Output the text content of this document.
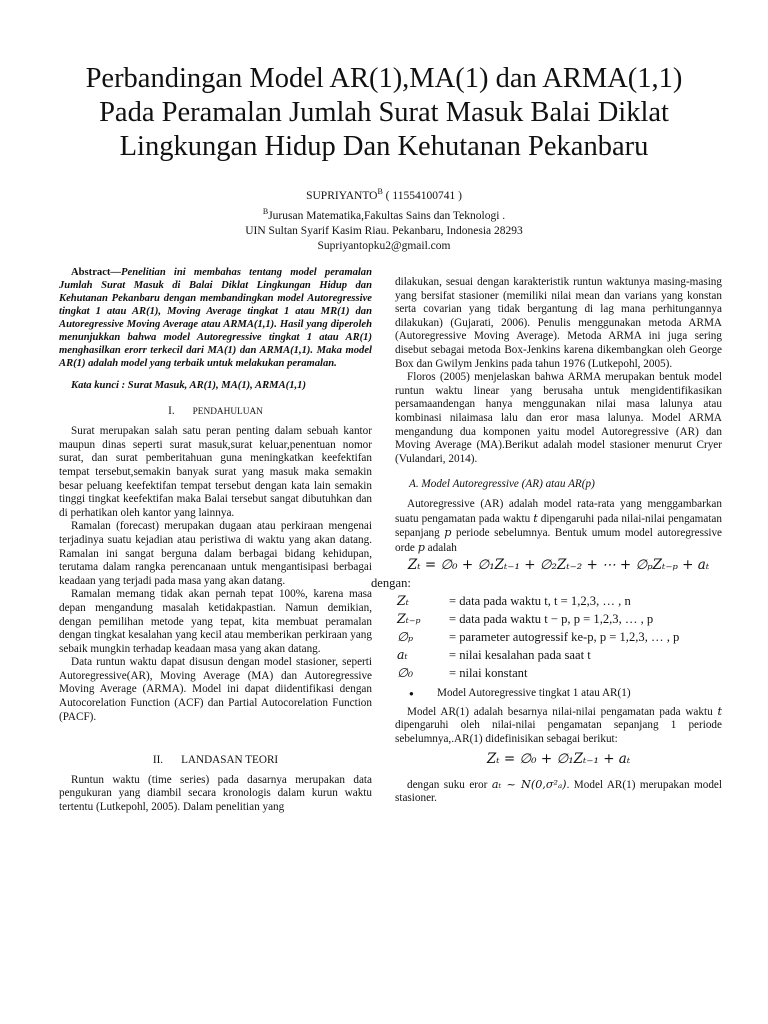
Perbandingan Model AR(1),MA(1) dan ARMA(1,1)
Pada Peramalan Jumlah Surat Masuk Balai Diklat
Lingkungan Hidup Dan Kehutanan Pekanbaru
$SUPRIYANTO^B$ ( 11554100741 )
$^B$Jurusan Matematika,Fakultas Sains dan Teknologi .
UIN Sultan Syarif Kasim Riau. Pekanbaru, Indonesia 28293
Supriyantopku2@gmail.com

Abstract—Penelitian ini membahas tentang model peramalan Jumlah Surat Masuk di Balai Diklat Lingkungan Hidup dan Kehutanan Pekanbaru dengan membandingkan model Autoregressive tingkat 1 atau AR(1), Moving Average tingkat 1 atau MR(1) dan Autoregressive Moving Average atau ARMA(1,1). Hasil yang diperoleh menunjukkan bahwa model Autoregressive tingkat 1 atau AR(1) menghasilkan erorr terkecil dari MA(1) dan ARMA(1,1). Maka model AR(1) adalah model yang terbaik untuk melakukan peramalan.

Kata kunci : Surat Masuk, AR(1), MA(1), ARMA(1,1)

I. PENDAHULUAN

Surat merupakan salah satu peran penting dalam sebuah kantor maupun dinas seperti surat masuk,surat keluar,penentuan nomor surat, dan surat pemberitahuan guna meningkatkan keefektifan tempat tersebut,semakin banyak surat yang masuk maka semakin besar peluang keefektifan tempat tersebut dengan kata lain semakin tinggi tingkat keefektifan maka Balai tersebut sangat dibutuhkan dan di perhatikan oleh kantor yang lainnya.

Ramalan (forecast) merupakan dugaan atau perkiraan mengenai terjadinya suatu kejadian atau peristiwa di waktu yang akan datang. Ramalan ini sangat berguna dalam berbagai bidang kehidupan, terutama dalam rangka perencanaan untuk mengantisipasi berbagai keadaan yang terjadi pada masa yang akan datang.

Ramalan memang tidak akan pernah tepat 100%, karena masa depan mengandung masalah ketidakpastian. Namun demikian, dengan pemilihan metode yang tepat, kita membuat peramalan dengan tingkat kesalahan yang kecil atau memberikan perkiraan yang sebaik mungkin terhadap keadaan masa yang akan datang.

Data runtun waktu dapat disusun dengan model stasioner, seperti Autoregressive(AR), Moving Average (MA) dan Autoregressive Moving Average (ARMA). Model ini dapat diidentifikasi dengan Autocorelation Function (ACF) dan Partial Autocorelation Function (PACF).

II. LANDASAN TEORI

Runtun waktu (time series) pada dasarnya merupakan data pengukuran yang diambil secara kronologis dalam kurun waktu tertentu (Lutkepohl, 2005). Dalam penelitian yang

dilakukan, sesuai dengan karakteristik runtun waktunya masing-masing yang bersifat stasioner (memiliki nilai mean dan varians yang konstan serta covarian yang tidak bergantung di lag mana perhitungannya dilakukan) (Gujarati, 2006). Penulis menggunakan metoda ARMA (Autoregressive Moving Average). Metoda ARMA ini juga sering disebut sebagai metoda Box-Jenkins karena dikembangkan oleh George Box dan Gwilym Jenkins pada tahun 1976 (Lutkepohl, 2005).

Floros (2005) menjelaskan bahwa ARMA merupakan bentuk model runtun waktu linear yang berusaha untuk mengidentifikasikan persamaandengan hanya menggunakan nilai masa lalunya atau kombinasi nilaimasa lalu dan eror masa lalunya. Model ARMA mengandung dua komponen yaitu model Autoregressive (AR) dan Moving Average (MA).Berikut adalah model stasioner menurut Cryer (Vulandari, 2014).

A. Model Autoregressive (AR) atau AR(p)

Autoregressive (AR) adalah model rata-rata yang menggambarkan suatu pengamatan pada waktu t dipengaruhi pada nilai-nilai pengamatan sepanjang p periode sebelumnya. Bentuk umum model autoregressive orde p adalah

Zₜ = ∅₀ + ∅₁Zₜ₋₁ + ∅₂Zₜ₋₂ + ⋯ + ∅ₚZₜ₋ₚ + aₜ
dengan:
Zₜ	= data pada waktu t, t = 1,2,3, … , n
Zₜ₋ₚ = data pada waktu t − p, p = 1,2,3, … , p
∅ₚ	= parameter autogressif ke-p, p = 1,2,3, … , p
aₜ	= nilai kesalahan pada saat t
∅₀	= nilai konstant
● Model Autoregressive tingkat 1 atau AR(1)

Model AR(1) adalah besarnya nilai-nilai pengamatan pada waktu t dipengaruhi oleh nilai-nilai pengamatan sepanjang 1 periode sebelumnya,.AR(1) didefinisikan sebagai berikut:

Zₜ = ∅₀ + ∅₁Zₜ₋₁ + aₜ

dengan suku eror aₜ ~ N(0,σ²ₐ). Model AR(1) merupakan model stasioner.
